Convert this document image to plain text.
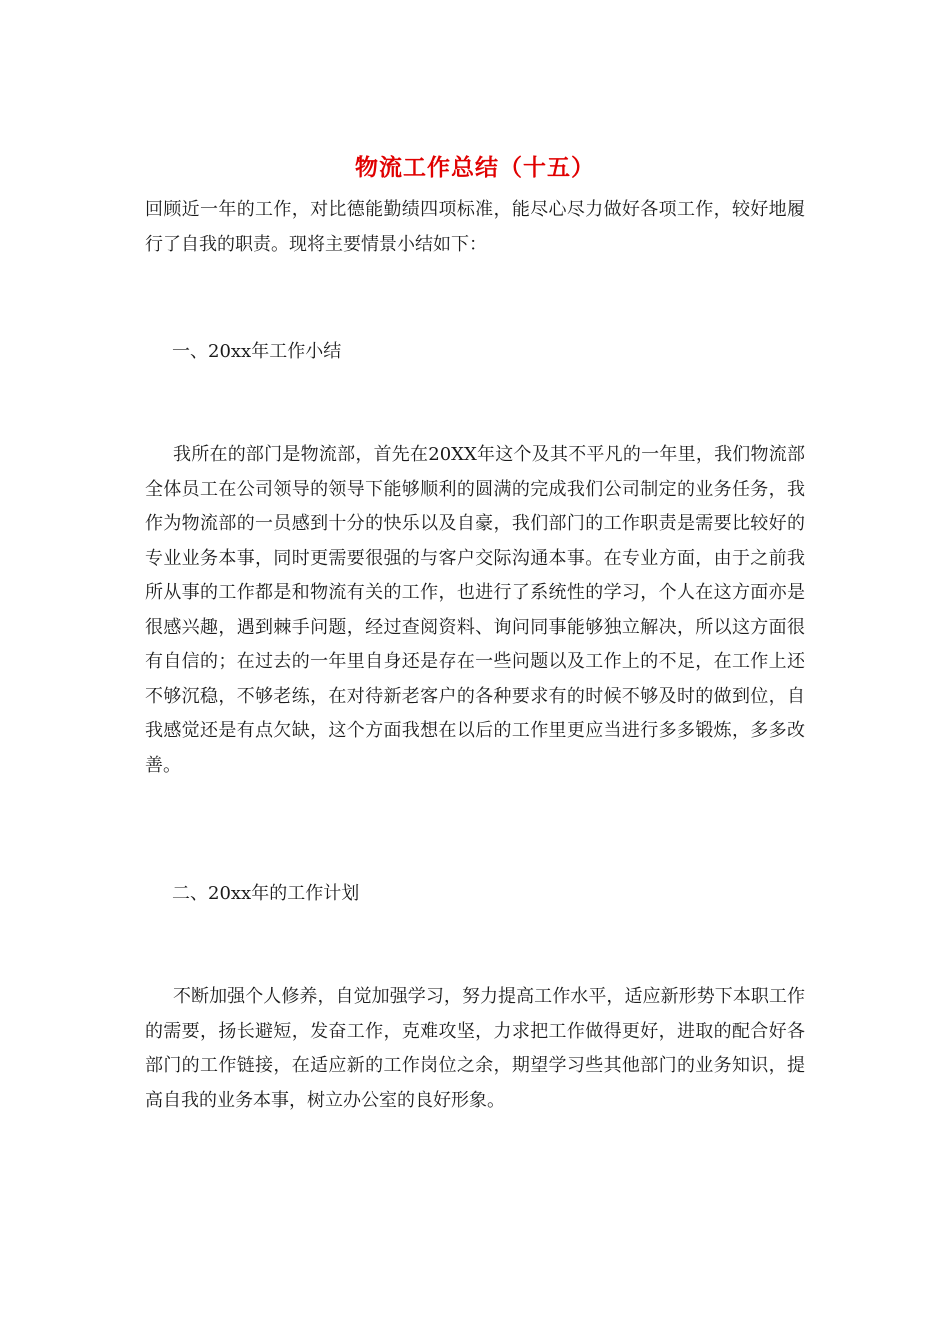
物流工作总结（十五）

回顾近一年的工作，对比德能勤绩四项标准，能尽心尽力做好各项工作，较好地履行了自我的职责。现将主要情景小结如下：

一、20xx年工作小结

我所在的部门是物流部，首先在20XX年这个及其不平凡的一年里，我们物流部全体员工在公司领导的领导下能够顺利的圆满的完成我们公司制定的业务任务，我作为物流部的一员感到十分的快乐以及自豪，我们部门的工作职责是需要比较好的专业业务本事，同时更需要很强的与客户交际沟通本事。在专业方面，由于之前我所从事的工作都是和物流有关的工作，也进行了系统性的学习，个人在这方面亦是很感兴趣，遇到棘手问题，经过查阅资料、询问同事能够独立解决，所以这方面很有自信的；在过去的一年里自身还是存在一些问题以及工作上的不足，在工作上还不够沉稳，不够老练，在对待新老客户的各种要求有的时候不够及时的做到位，自我感觉还是有点欠缺，这个方面我想在以后的工作里更应当进行多多锻炼，多多改善。

二、20xx年的工作计划

不断加强个人修养，自觉加强学习，努力提高工作水平，适应新形势下本职工作的需要，扬长避短，发奋工作，克难攻坚，力求把工作做得更好，进取的配合好各部门的工作链接，在适应新的工作岗位之余，期望学习些其他部门的业务知识，提高自我的业务本事，树立办公室的良好形象。
